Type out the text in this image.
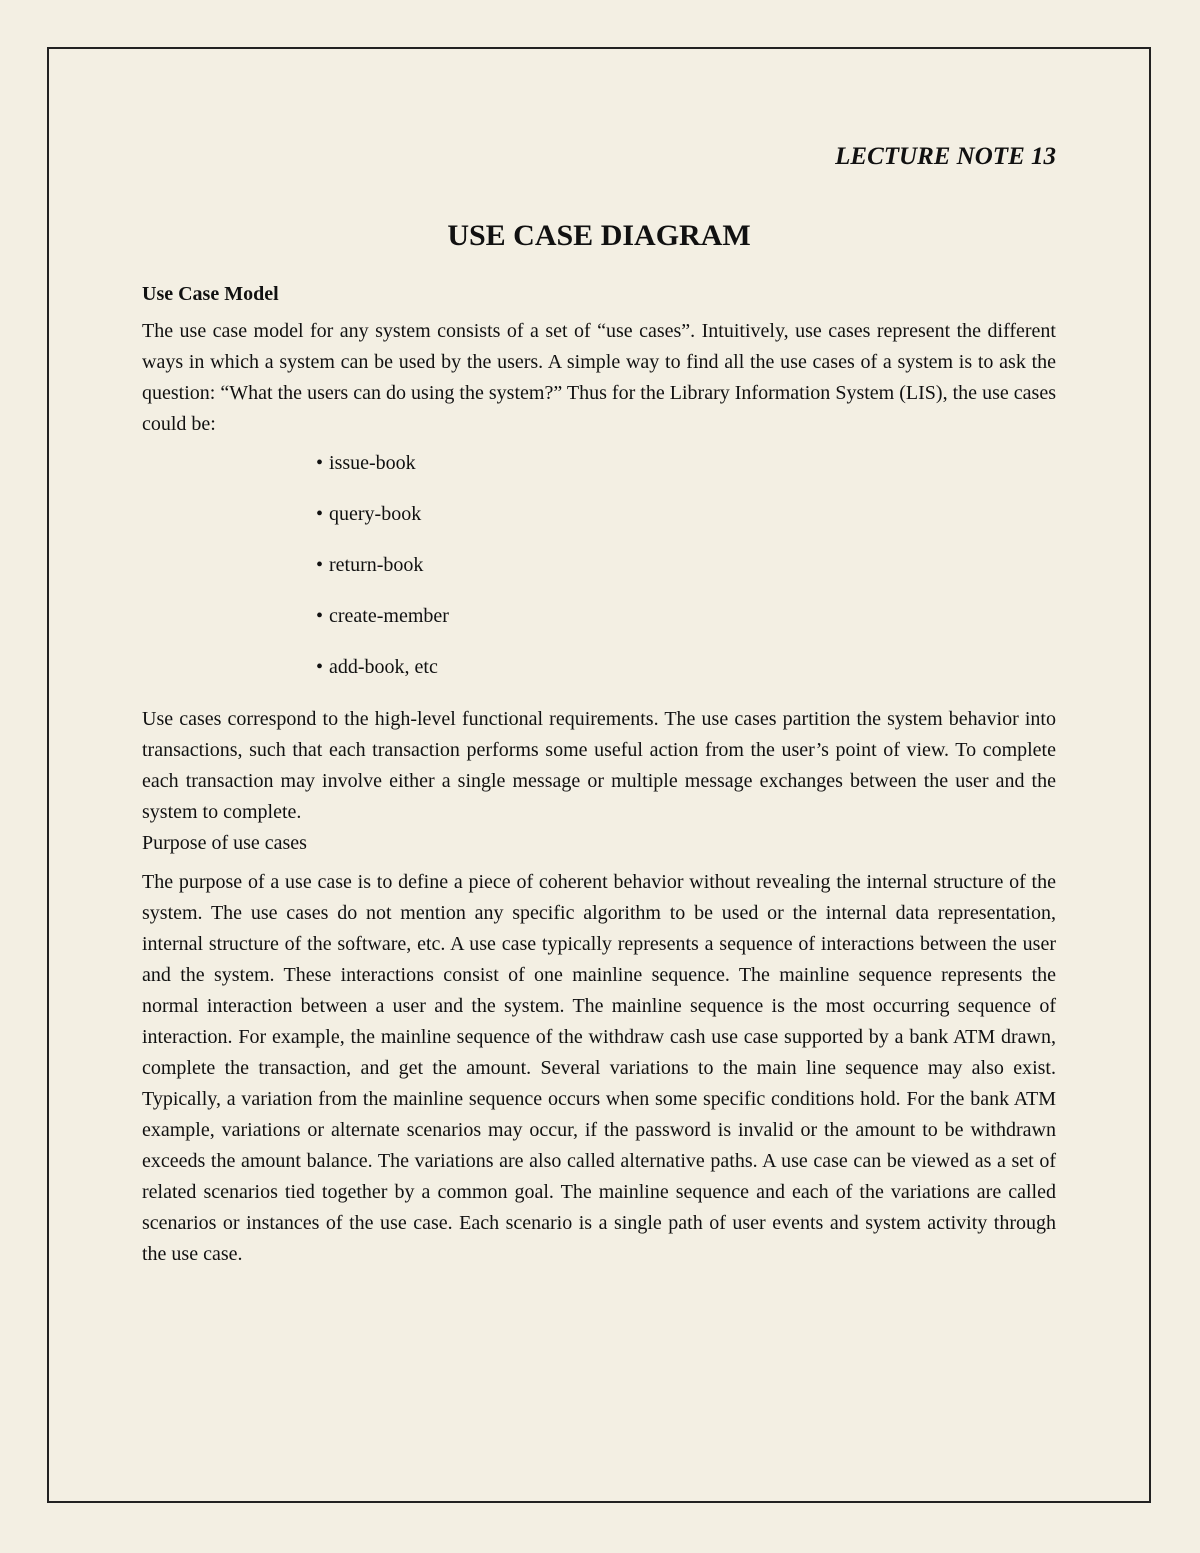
LECTURE NOTE 13

USE CASE DIAGRAM
Use Case Model

The use case model for any system consists of a set of “use cases”. Intuitively, use cases represent the different ways in which a system can be used by the users. A simple way to find all the use cases of a system is to ask the question: “What the users can do using the system?” Thus for the Library Information System (LIS), the use cases could be:

• issue-book
• query-book
• return-book
• create-member
• add-book, etc

Use cases correspond to the high-level functional requirements. The use cases partition the system behavior into transactions, such that each transaction performs some useful action from the user’s point of view. To complete each transaction may involve either a single message or multiple message exchanges between the user and the system to complete.

Purpose of use cases

The purpose of a use case is to define a piece of coherent behavior without revealing the internal structure of the system. The use cases do not mention any specific algorithm to be used or the internal data representation, internal structure of the software, etc. A use case typically represents a sequence of interactions between the user and the system. These interactions consist of one mainline sequence. The mainline sequence represents the normal interaction between a user and the system. The mainline sequence is the most occurring sequence of interaction. For example, the mainline sequence of the withdraw cash use case supported by a bank ATM drawn, complete the transaction, and get the amount. Several variations to the main line sequence may also exist. Typically, a variation from the mainline sequence occurs when some specific conditions hold. For the bank ATM example, variations or alternate scenarios may occur, if the password is invalid or the amount to be withdrawn exceeds the amount balance. The variations are also called alternative paths. A use case can be viewed as a set of related scenarios tied together by a common goal. The mainline sequence and each of the variations are called scenarios or instances of the use case. Each scenario is a single path of user events and system activity through the use case.
